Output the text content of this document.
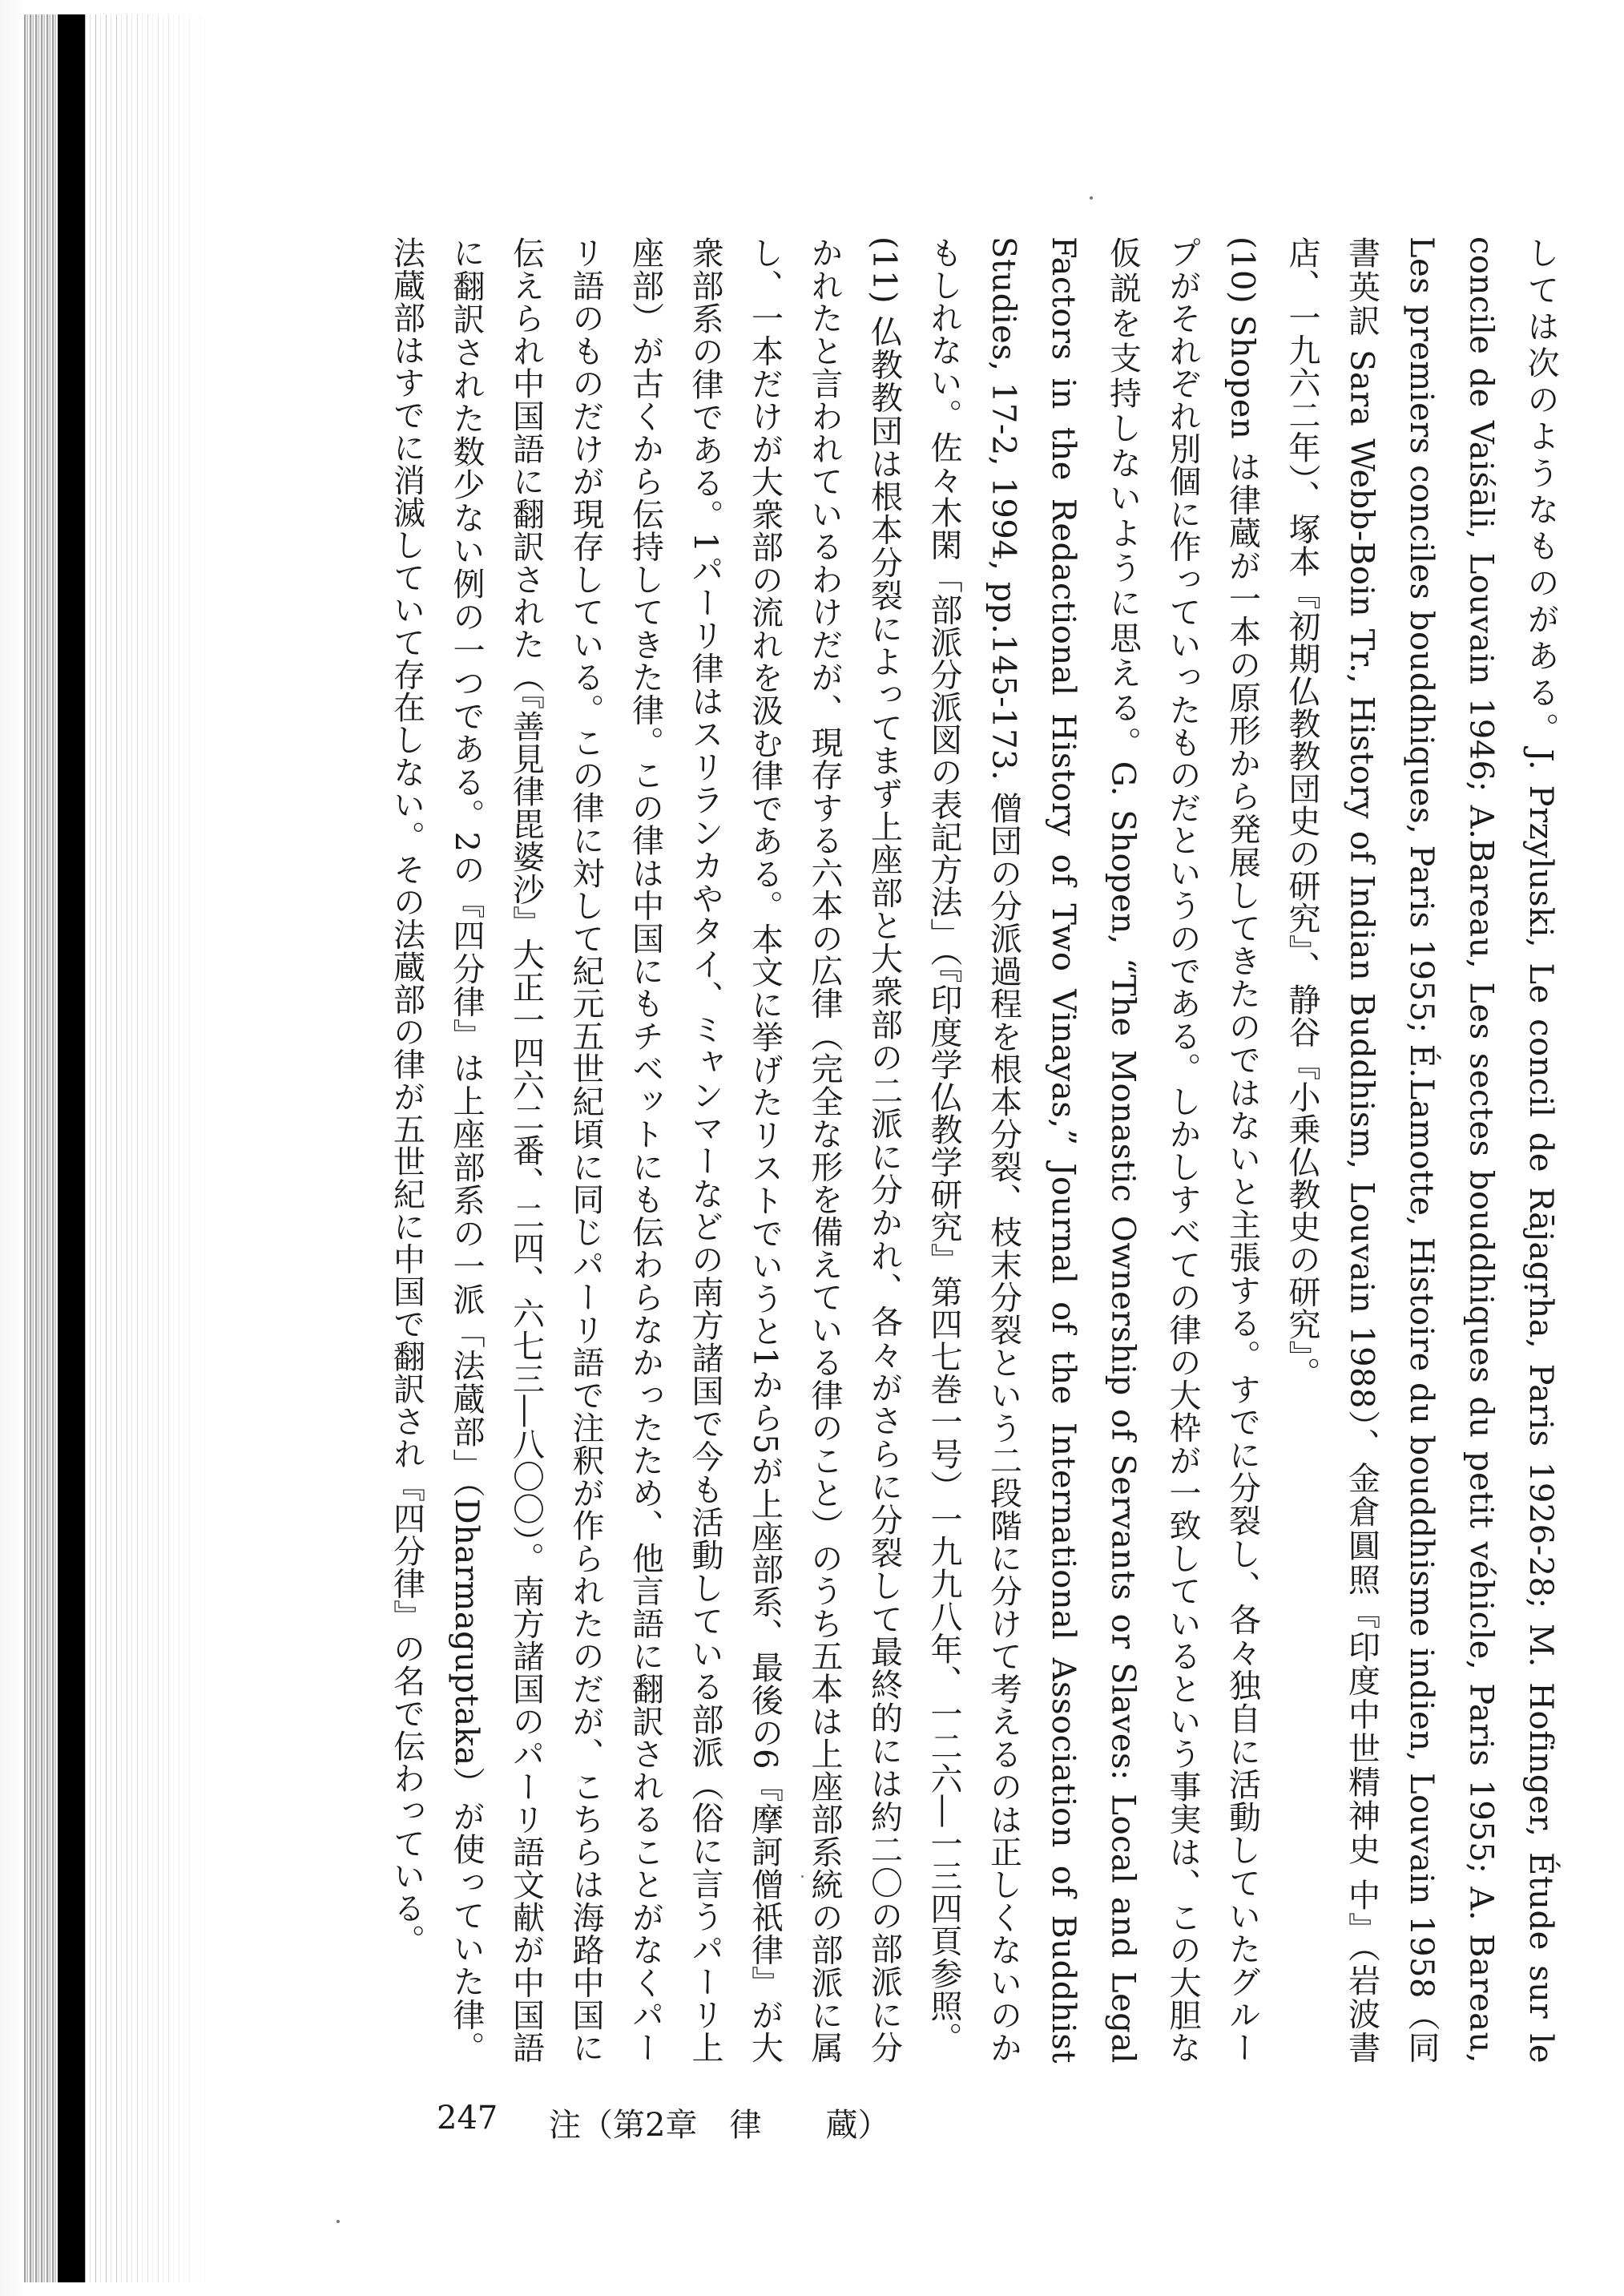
しては次のようなものがある。J. Przyluski, Le concil de Rājagṛha, Paris 1926-28; M. Hofinger, Étude sur le concile de Vaiśāli, Louvain 1946; A.Bareau, Les sectes bouddhiques du petit véhicle, Paris 1955; A. Bareau, Les premiers conciles bouddhiques, Paris 1955; É.Lamotte, Histoire du bouddhisme indien, Louvain 1958（同書英訳 Sara Webb-Boin Tr., History of Indian Buddhism, Louvain 1988）、金倉圓照『印度中世精神史 中』（岩波書店、一九六二年）、塚本『初期仏教教団史の研究』、静谷『小乗仏教史の研究』。

(10) Shopen は律蔵が一本の原形から発展してきたのではないと主張する。すでに分裂し、各々独自に活動していたグループがそれぞれ別個に作っていったものだというのである。しかしすべての律の大枠が一致しているという事実は、この大胆な仮説を支持しないように思える。G. Shopen, “The Monastic Ownership of Servants or Slaves: Local and Legal Factors in the Redactional History of Two Vinayas,” Journal of the International Association of Buddhist Studies, 17-2, 1994, pp.145-173. 僧団の分派過程を根本分裂、枝末分裂という二段階に分けて考えるのは正しくないのかもしれない。佐々木閑「部派分派図の表記方法」（『印度学仏教学研究』第四七巻一号）一九九八年、一二六―一三四頁参照。

(11) 仏教教団は根本分裂によってまず上座部と大衆部の二派に分かれ、各々がさらに分裂して最終的には約二〇の部派に分かれたと言われているわけだが、現存する六本の広律（完全な形を備えている律のこと）のうち五本は上座部系統の部派に属し、一本だけが大衆部の流れを汲む律である。本文に挙げたリストでいうと1から5が上座部系、最後の6『摩訶僧祇律』が大衆部系の律である。1パーリ律はスリランカやタイ、ミャンマーなどの南方諸国で今も活動している部派（俗に言うパーリ上座部）が古くから伝持してきた律。この律は中国にもチベットにも伝わらなかったため、他言語に翻訳されることがなくパーリ語のものだけが現存している。この律に対して紀元五世紀頃に同じパーリ語で注釈が作られたのだが、こちらは海路中国に伝えられ中国語に翻訳された（『善見律毘婆沙』大正一四六二番、二四、六七三―八〇〇）。南方諸国のパーリ語文献が中国語に翻訳された数少ない例の一つである。2の『四分律』は上座部系の一派「法蔵部」（Dharmaguptaka）が使っていた律。法蔵部はすでに消滅していて存在しない。その法蔵部の律が五世紀に中国で翻訳され『四分律』の名で伝わっている。

247

注（第2章　律　　蔵）
